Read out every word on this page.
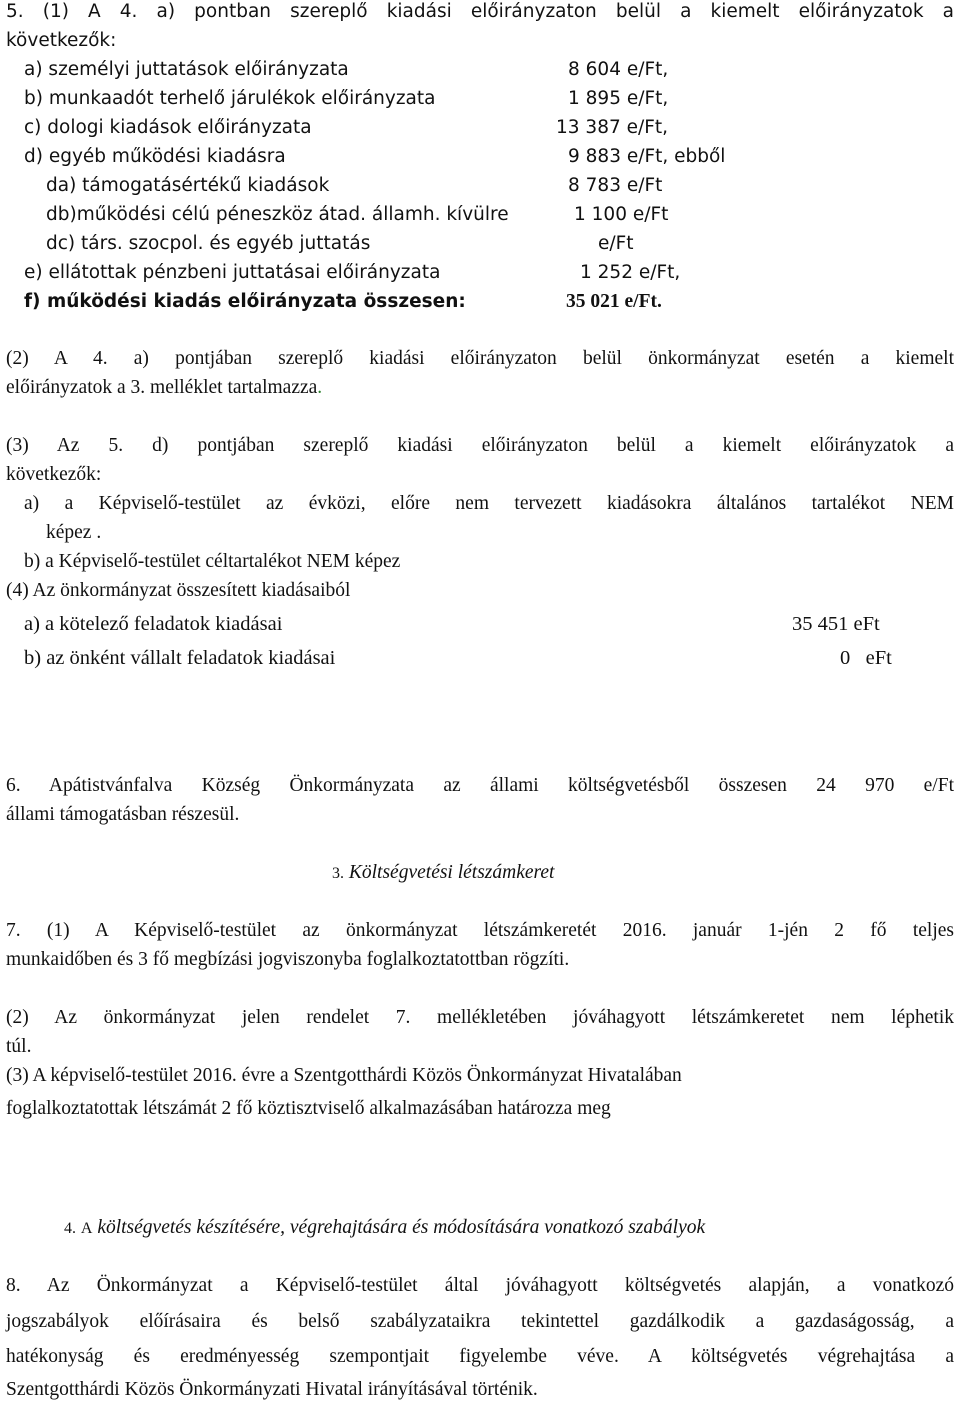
5. (1) A 4. a) pontban szereplő kiadási előirányzaton belül a kiemelt előirányzatok a
következők:
a) személyi juttatások előirányzata	8 604 e/Ft,
b) munkaadót terhelő járulékok előirányzata	1 895 e/Ft,
c) dologi kiadások előirányzata	13 387 e/Ft,
d) egyéb működési kiadásra	9 883 e/Ft, ebből
da) támogatásértékű kiadások	8 783 e/Ft
db)működési célú péneszköz átad. államh. kívülre	1 100 e/Ft
dc) társ. szocpol. és egyéb juttatás	e/Ft
e) ellátottak pénzbeni juttatásai előirányzata	1 252 e/Ft,
f) működési kiadás előirányzata összesen:	35 021 e/Ft.
(2) A 4. a) pontjában szereplő kiadási előirányzaton belül önkormányzat esetén a kiemelt
előirányzatok a 3. melléklet tartalmazza.
(3) Az 5. d) pontjában szereplő kiadási előirányzaton belül a kiemelt előirányzatok a
következők:
a) a Képviselő-testület az évközi, előre nem tervezett kiadásokra általános tartalékot NEM
képez .
b) a Képviselő-testület céltartalékot NEM képez
(4) Az önkormányzat összesített kiadásaiból
a) a kötelező feladatok kiadásai	35 451 eFt
b) az önként vállalt feladatok kiadásai	0   eFt
6. Apátistvánfalva Község Önkormányzata az állami költségvetésből összesen 24 970 e/Ft
állami támogatásban részesül.
3. Költségvetési létszámkeret
7. (1) A Képviselő-testület az önkormányzat létszámkeretét 2016. január 1-jén 2 fő teljes
munkaidőben és 3 fő megbízási jogviszonyba foglalkoztatottban rögzíti.
(2) Az önkormányzat jelen rendelet 7. mellékletében jóváhagyott létszámkeretet nem léphetik
túl.
(3) A képviselő-testület 2016. évre a Szentgotthárdi Közös Önkormányzat Hivatalában
foglalkoztatottak létszámát 2 fő köztisztviselő alkalmazásában határozza meg
4. A költségvetés készítésére, végrehajtására és módosítására vonatkozó szabályok
8. Az Önkormányzat a Képviselő-testület által jóváhagyott költségvetés alapján, a vonatkozó
jogszabályok előírásaira és belső szabályzataikra tekintettel gazdálkodik a gazdaságosság, a
hatékonyság és eredményesség szempontjait figyelembe véve. A költségvetés végrehajtása a
Szentgotthárdi Közös Önkormányzati Hivatal irányításával történik.
